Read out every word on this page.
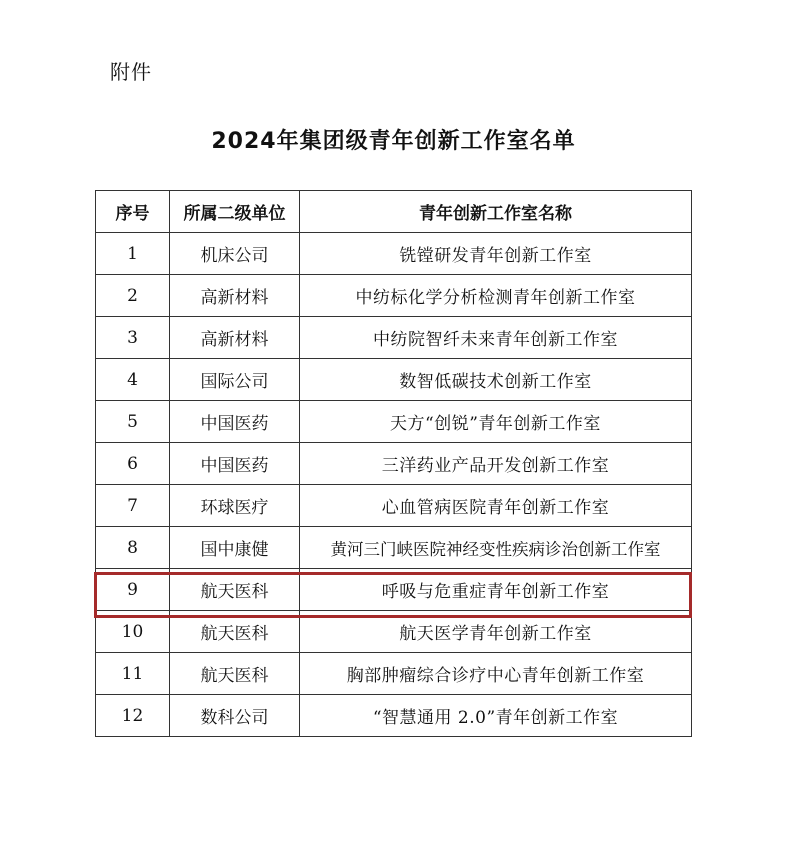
附件
2024年集团级青年创新工作室名单
序号	所属二级单位	青年创新工作室名称
1	机床公司	铣镗研发青年创新工作室
2	高新材料	中纺标化学分析检测青年创新工作室
3	高新材料	中纺院智纤未来青年创新工作室
4	国际公司	数智低碳技术创新工作室
5	中国医药	天方“创锐”青年创新工作室
6	中国医药	三洋药业产品开发创新工作室
7	环球医疗	心血管病医院青年创新工作室
8	国中康健	黄河三门峡医院神经变性疾病诊治创新工作室
9	航天医科	呼吸与危重症青年创新工作室
10	航天医科	航天医学青年创新工作室
11	航天医科	胸部肿瘤综合诊疗中心青年创新工作室
12	数科公司	“智慧通用 2.0”青年创新工作室
